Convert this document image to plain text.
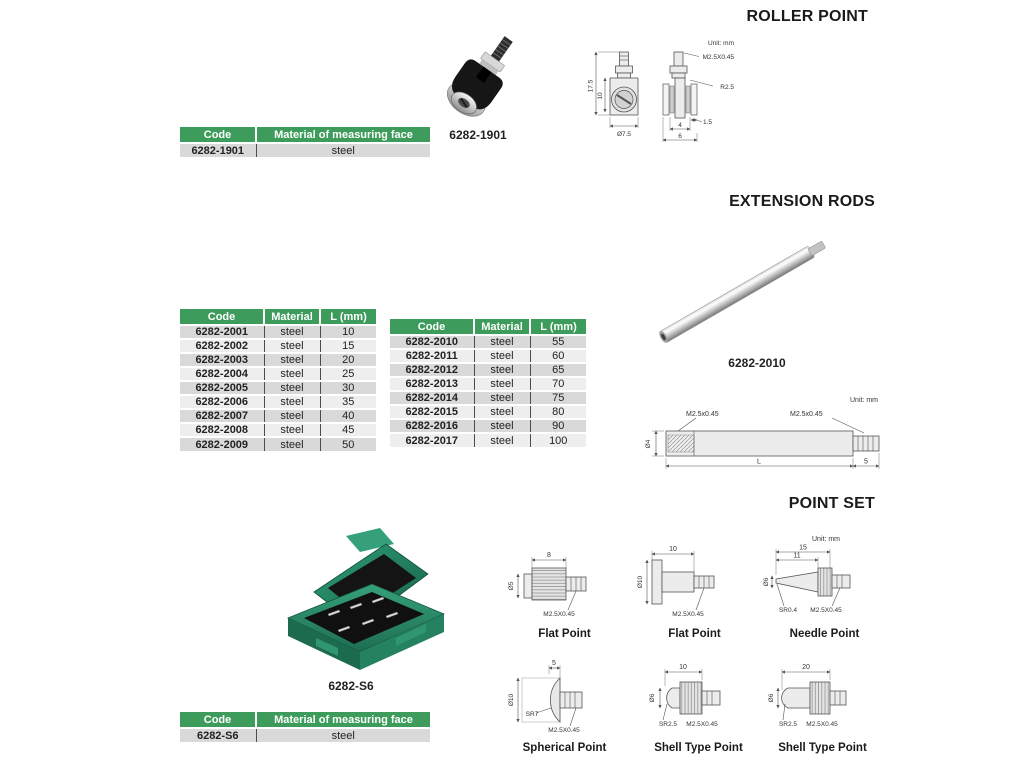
ROLLER POINT
6282-1901
Unit: mm
M2.5X0.45
17.5
10
Ø7.5
R2.5
1.5
4
6
Code	Material of measuring face
6282-1901	steel
EXTENSION RODS
6282-2010
Unit: mm
M2.5x0.45	M2.5x0.45
Ø4
L	5
Code	Material	L (mm)
6282-2001	steel	10
6282-2002	steel	15
6282-2003	steel	20
6282-2004	steel	25
6282-2005	steel	30
6282-2006	steel	35
6282-2007	steel	40
6282-2008	steel	45
6282-2009	steel	50
Code	Material	L (mm)
6282-2010	steel	55
6282-2011	steel	60
6282-2012	steel	65
6282-2013	steel	70
6282-2014	steel	75
6282-2015	steel	80
6282-2016	steel	90
6282-2017	steel	100
POINT SET
6282-S6
8
Ø5
M2.5X0.45
Flat Point
10
Ø10
M2.5X0.45
Flat Point
Unit: mm
15
11
Ø6
SR0.4 M2.5X0.45
Needle Point
5
Ø10
SR7
M2.5X0.45
Spherical Point
10
Ø6
SR2.5 M2.5X0.45
Shell Type Point
20
Ø6
SR2.5 M2.5X0.45
Shell Type Point
Code	Material of measuring face
6282-S6	steel
